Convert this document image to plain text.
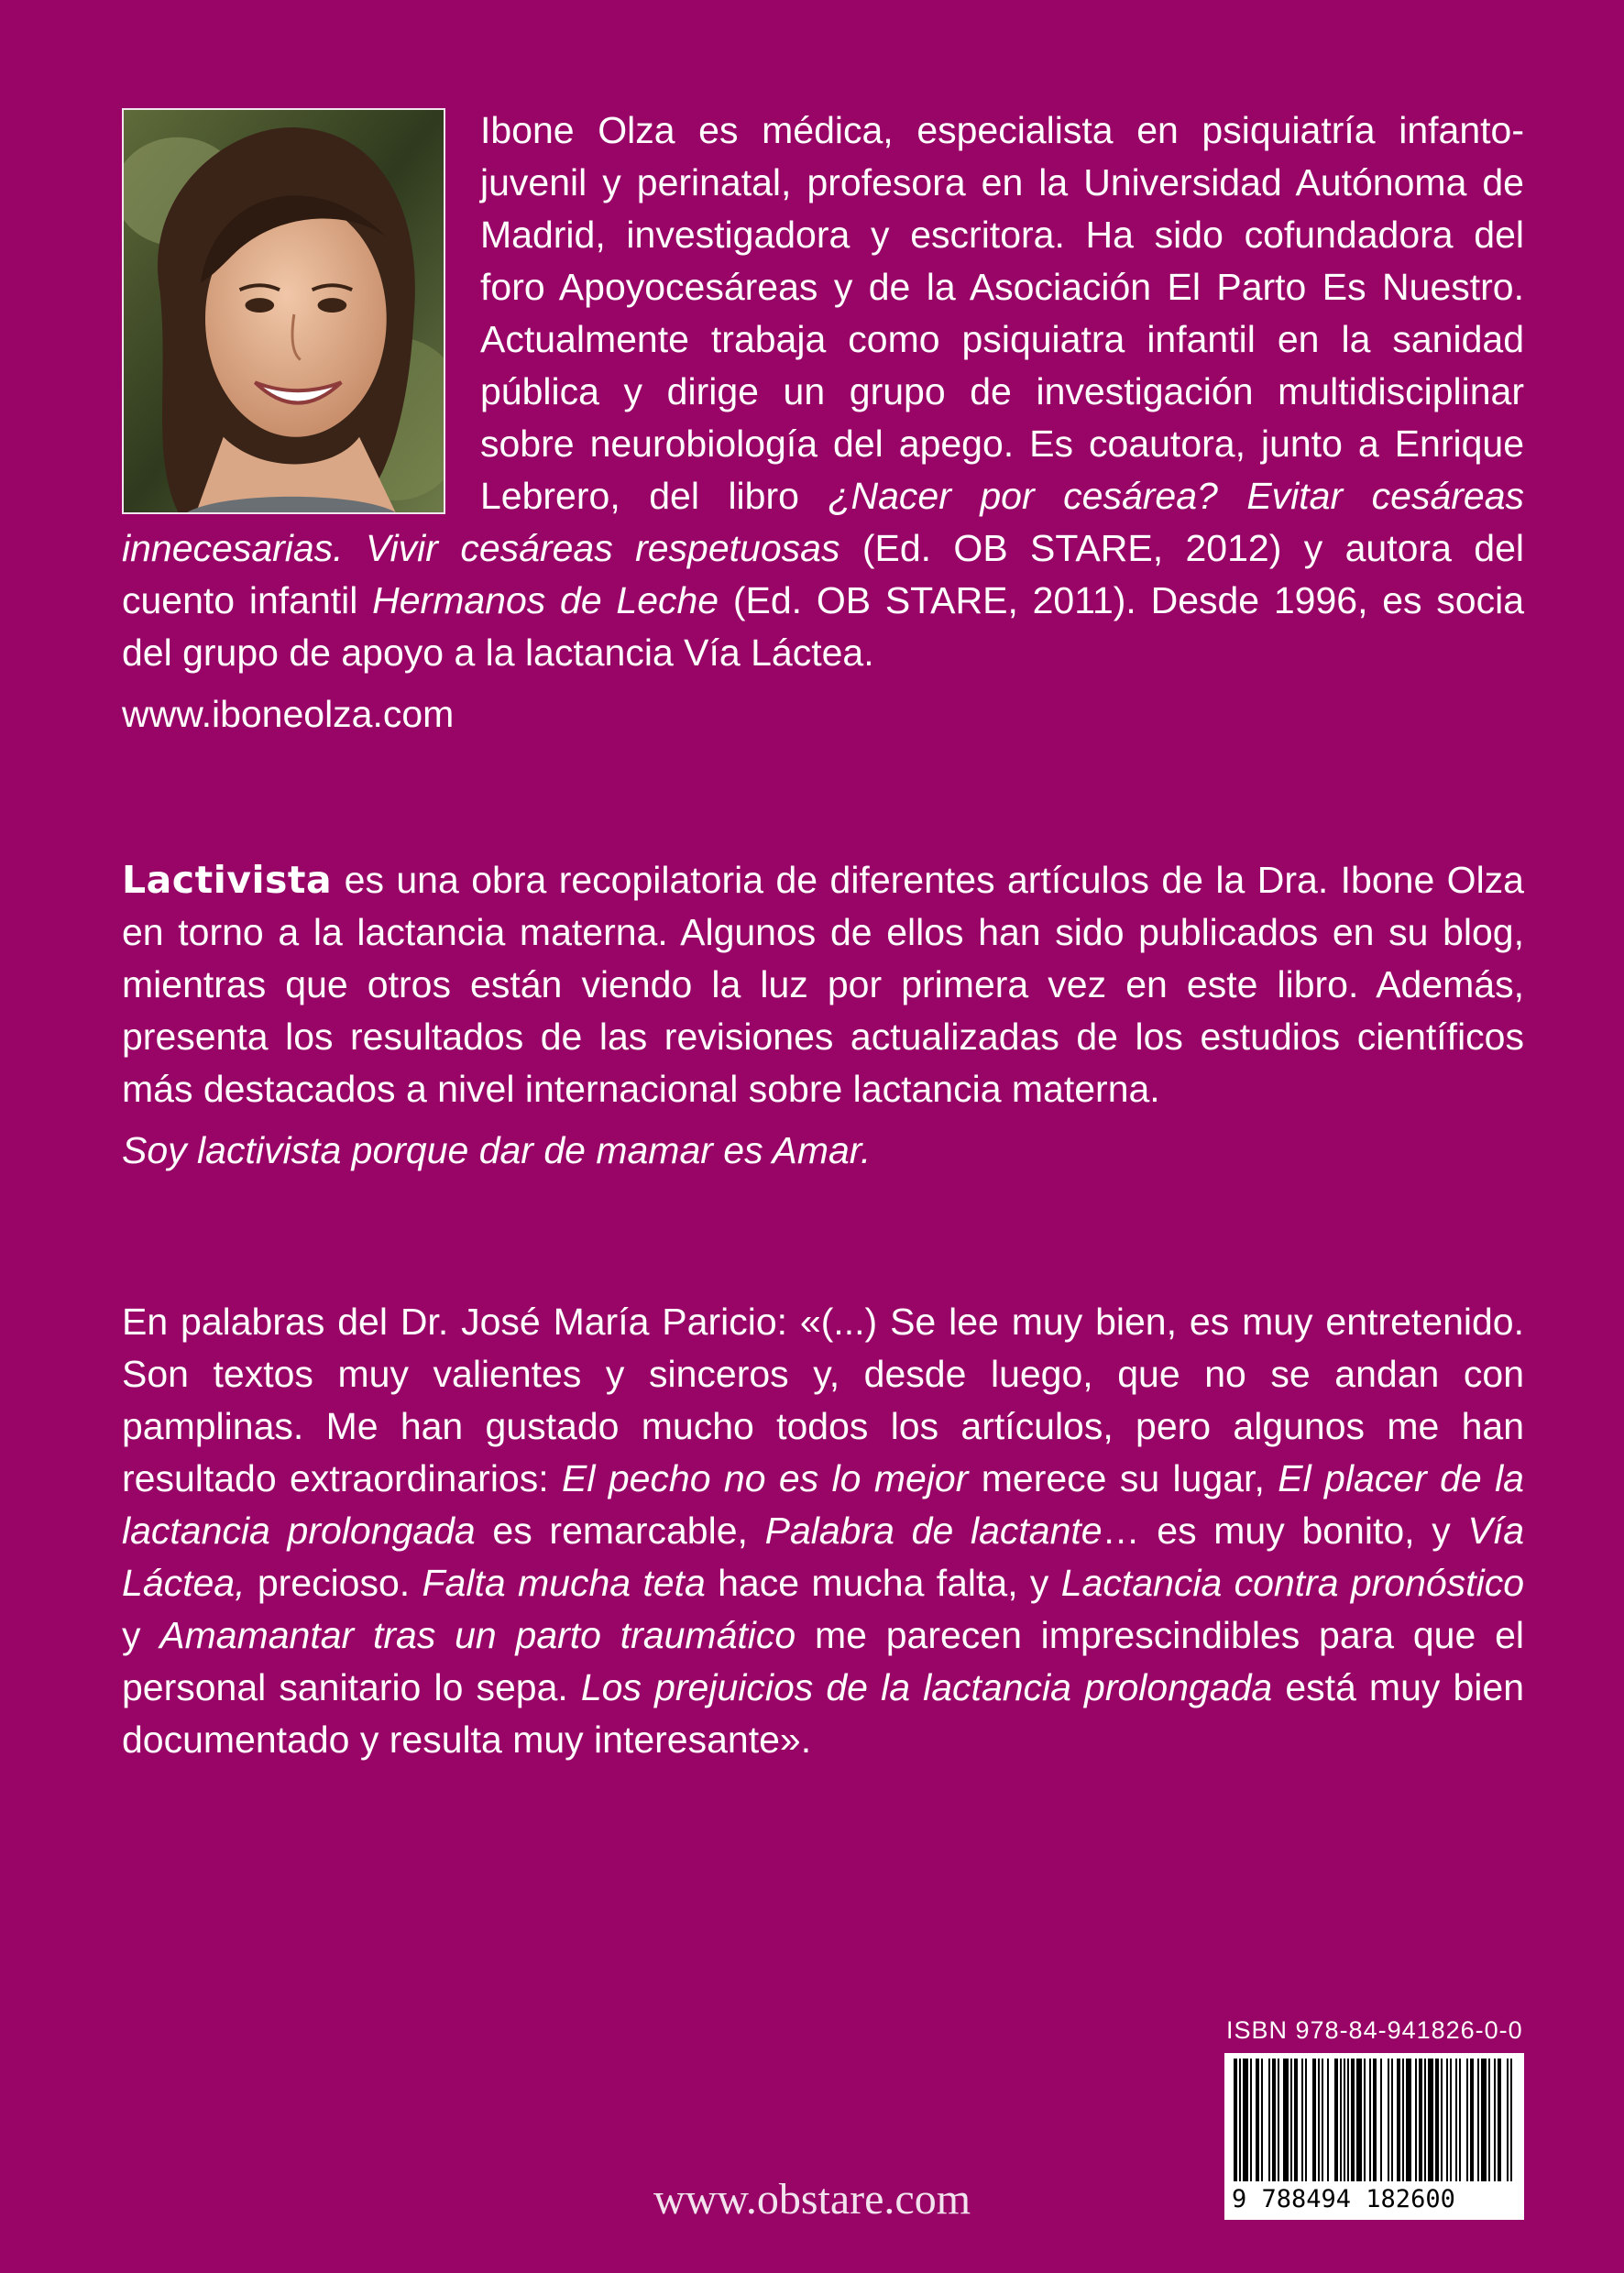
Ibone Olza es médica, especialista en psiquiatría infanto-juvenil y perinatal, profesora en la Universidad Autónoma de Madrid, investigadora y escritora. Ha sido cofundadora del foro Apoyocesáreas y de la Asociación El Parto Es Nuestro. Actualmente trabaja como psiquiatra infantil en la sanidad pública y dirige un grupo de investigación multidisciplinar sobre neurobiología del apego. Es coautora, junto a Enrique Lebrero, del libro ¿Nacer por cesárea? Evitar cesáreas innecesarias. Vivir cesáreas respetuosas (Ed. OB STARE, 2012) y autora del cuento infantil Hermanos de Leche (Ed. OB STARE, 2011). Desde 1996, es socia del grupo de apoyo a la lactancia Vía Láctea.

www.iboneolza.com

Lactivista es una obra recopilatoria de diferentes artículos de la Dra. Ibone Olza en torno a la lactancia materna. Algunos de ellos han sido publicados en su blog, mientras que otros están viendo la luz por primera vez en este libro. Además, presenta los resultados de las revisiones actualizadas de los estudios científicos más destacados a nivel internacional sobre lactancia materna.

Soy lactivista porque dar de mamar es Amar.

En palabras del Dr. José María Paricio: «(...) Se lee muy bien, es muy entretenido. Son textos muy valientes y sinceros y, desde luego, que no se andan con pamplinas. Me han gustado mucho todos los artículos, pero algunos me han resultado extraordinarios: El pecho no es lo mejor merece su lugar, El placer de la lactancia prolongada es remarcable, Palabra de lactante… es muy bonito, y Vía Láctea, precioso. Falta mucha teta hace mucha falta, y Lactancia contra pronóstico y Amamantar tras un parto traumático me parecen imprescindibles para que el personal sanitario lo sepa. Los prejuicios de la lactancia prolongada está muy bien documentado y resulta muy interesante».

ISBN 978-84-941826-0-0
9 788494 182600
www.obstare.com
